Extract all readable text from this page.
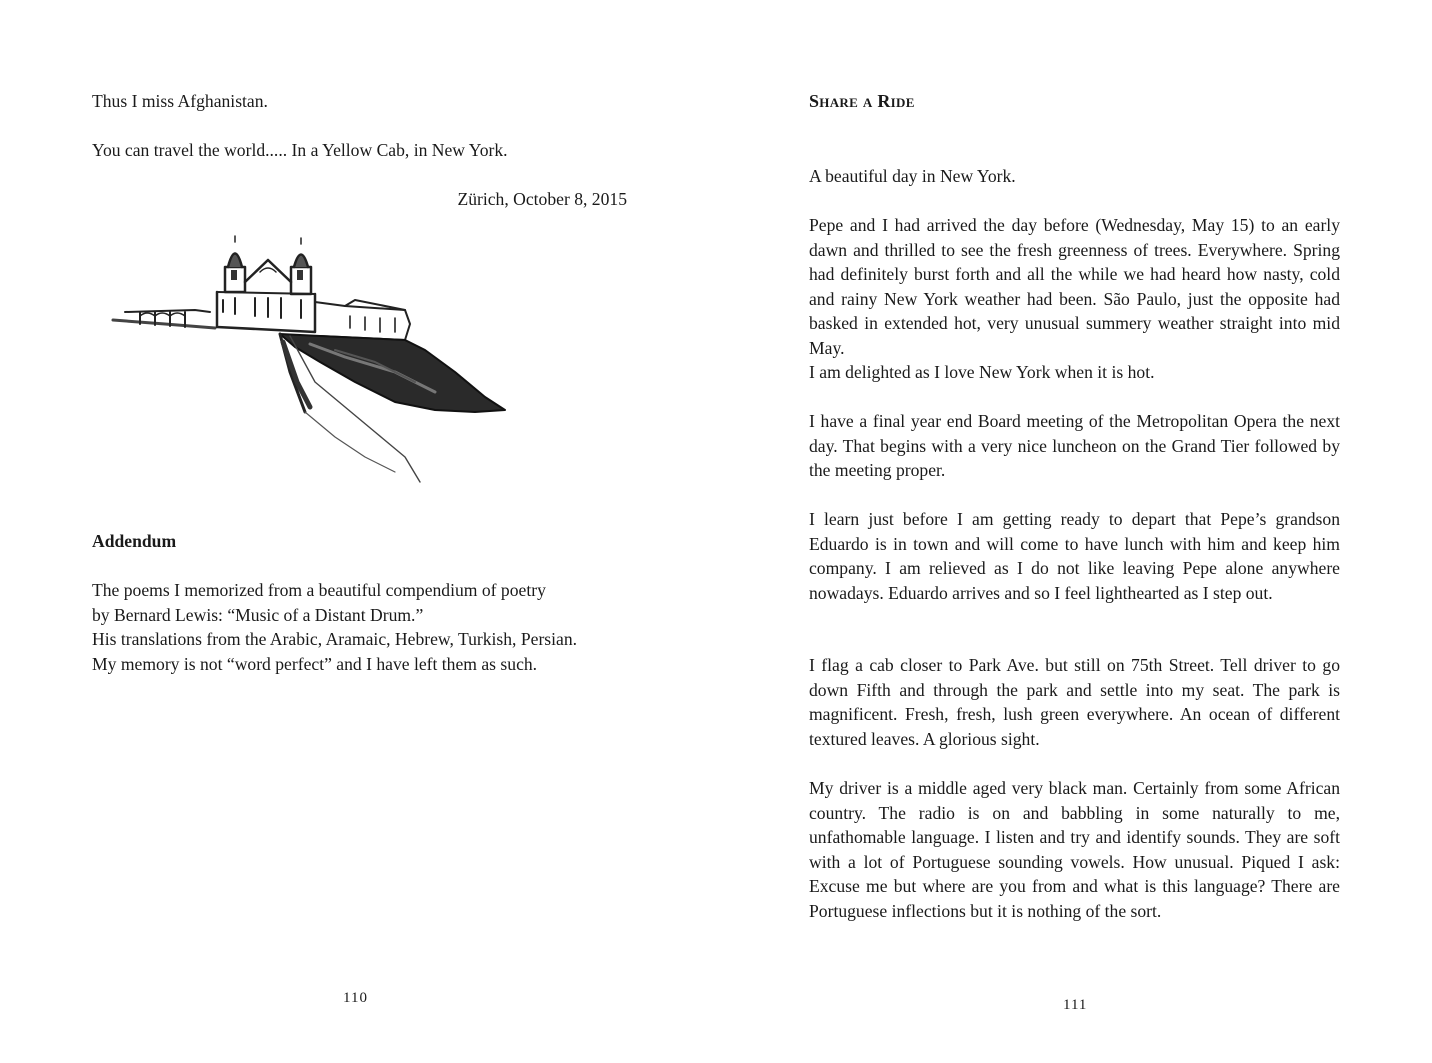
Thus I miss Afghanistan.

You can travel the world..... In a Yellow Cab, in New York.

Zürich, October 8, 2015

Addendum

The poems I memorized from a beautiful compendium of poetry
by Bernard Lewis: “Music of a Distant Drum.”
His translations from the Arabic, Aramaic, Hebrew, Turkish, Persian.
My memory is not “word perfect” and I have left them as such.
110
Share a Ride

A beautiful day in New York.

Pepe and I had arrived the day before (Wednesday, May 15) to an early dawn and thrilled to see the fresh greenness of trees. Everywhere. Spring had definitely burst forth and all the while we had heard how nasty, cold and rainy New York weather had been. São Paulo, just the opposite had basked in extended hot, very unusual summery weather straight into mid May.
I am delighted as I love New York when it is hot.

I have a final year end Board meeting of the Metropolitan Opera the next day. That begins with a very nice luncheon on the Grand Tier followed by the meeting proper.

I learn just before I am getting ready to depart that Pepe’s grandson Eduardo is in town and will come to have lunch with him and keep him company. I am relieved as I do not like leaving Pepe alone anywhere nowadays. Eduardo arrives and so I feel lighthearted as I step out.

I flag a cab closer to Park Ave. but still on 75th Street. Tell driver to go down Fifth and through the park and settle into my seat. The park is magnificent. Fresh, fresh, lush green everywhere. An ocean of different textured leaves. A glorious sight.

My driver is a middle aged very black man. Certainly from some African country. The radio is on and babbling in some naturally to me, unfathomable language. I listen and try and identify sounds. They are soft with a lot of Portuguese sounding vowels. How unusual. Piqued I ask: Excuse me but where are you from and what is this language? There are Portuguese inflections but it is nothing of the sort.

111
